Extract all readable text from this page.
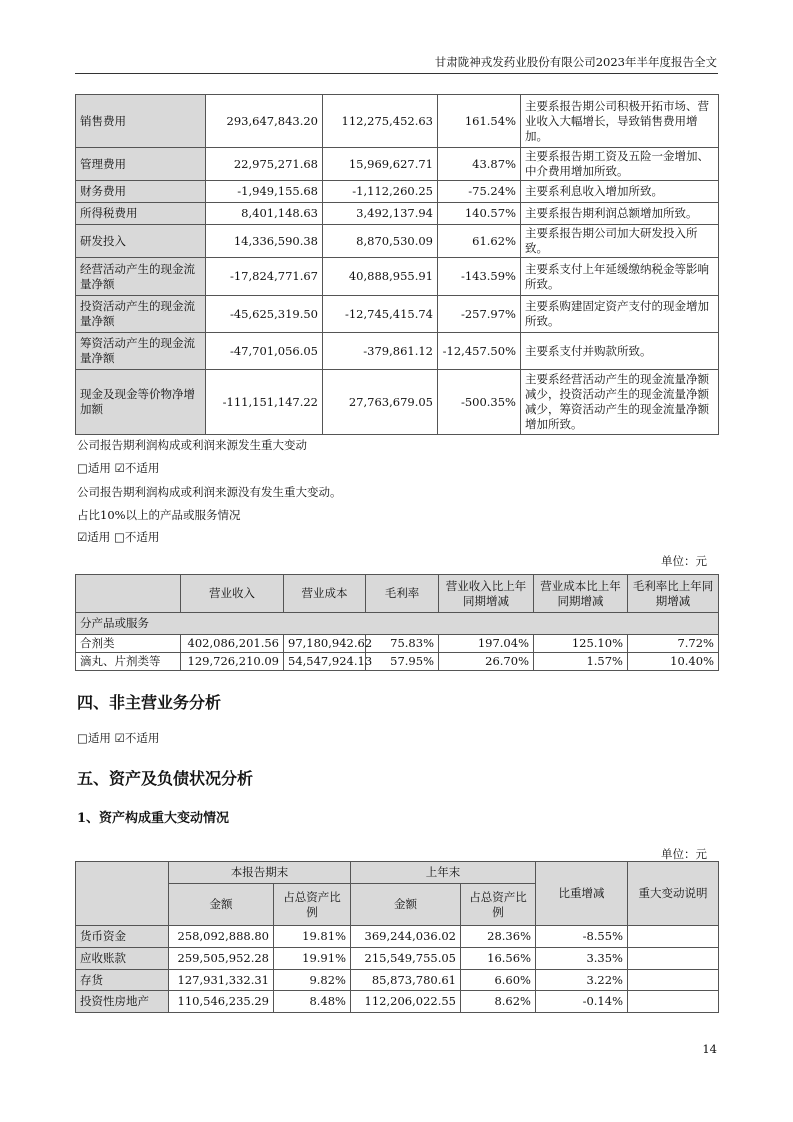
甘肃陇神戎发药业股份有限公司2023年半年度报告全文
销售费用	293,647,843.20	112,275,452.63	161.54%	主要系报告期公司积极开拓市场、营业收入大幅增长，导致销售费用增加。
管理费用	22,975,271.68	15,969,627.71	43.87%	主要系报告期工资及五险一金增加、中介费用增加所致。
财务费用	-1,949,155.68	-1,112,260.25	-75.24%	主要系利息收入增加所致。
所得税费用	8,401,148.63	3,492,137.94	140.57%	主要系报告期利润总额增加所致。
研发投入	14,336,590.38	8,870,530.09	61.62%	主要系报告期公司加大研发投入所致。
经营活动产生的现金流量净额	-17,824,771.67	40,888,955.91	-143.59%	主要系支付上年延缓缴纳税金等影响所致。
投资活动产生的现金流量净额	-45,625,319.50	-12,745,415.74	-257.97%	主要系购建固定资产支付的现金增加所致。
筹资活动产生的现金流量净额	-47,701,056.05	-379,861.12	-12,457.50%	主要系支付并购款所致。
现金及现金等价物净增加额	-111,151,147.22	27,763,679.05	-500.35%	主要系经营活动产生的现金流量净额减少，投资活动产生的现金流量净额减少，筹资活动产生的现金流量净额增加所致。
公司报告期利润构成或利润来源发生重大变动
□适用 ☑不适用
公司报告期利润构成或利润来源没有发生重大变动。
占比10%以上的产品或服务情况
☑适用 □不适用
单位：元
	营业收入	营业成本	毛利率	营业收入比上年同期增减	营业成本比上年同期增减	毛利率比上年同期增减
分产品或服务						
合剂类	402,086,201.56	97,180,942.62	75.83%	197.04%	125.10%	7.72%
滴丸、片剂类等	129,726,210.09	54,547,924.13	57.95%	26.70%	1.57%	10.40%
四、非主营业务分析
□适用 ☑不适用
五、资产及负债状况分析
1、资产构成重大变动情况
单位：元
	本报告期末		上年末		比重增减	重大变动说明
	金额	占总资产比例	金额	占总资产比例		
货币资金	258,092,888.80	19.81%	369,244,036.02	28.36%	-8.55%	
应收账款	259,505,952.28	19.91%	215,549,755.05	16.56%	3.35%	
存货	127,931,332.31	9.82%	85,873,780.61	6.60%	3.22%	
投资性房地产	110,546,235.29	8.48%	112,206,022.55	8.62%	-0.14%	
14
